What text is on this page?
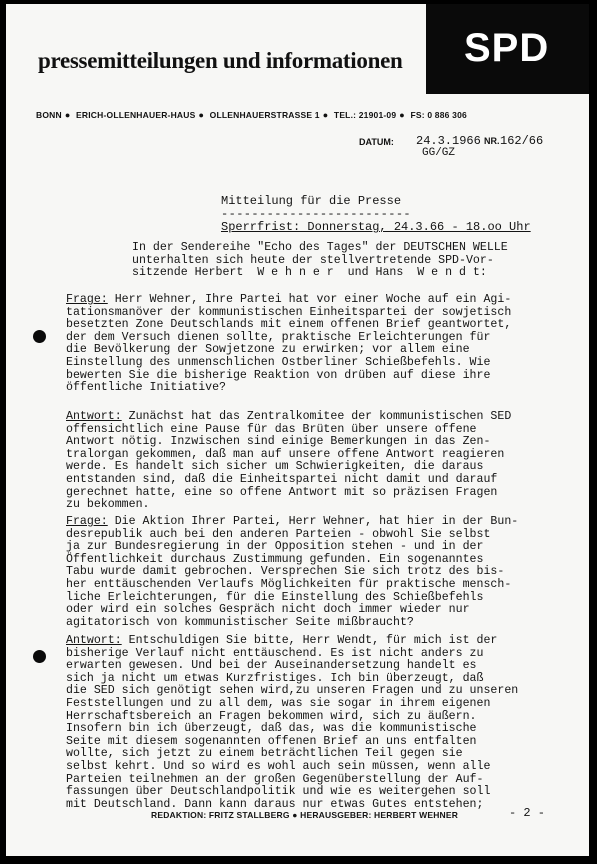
pressemitteilungen und informationen SPD
BONN ● ERICH-OLLENHAUER-HAUS ● OLLENHAUERSTRASSE 1 ● TEL.: 21901-09 ● FS: 0 886 306
DATUM: 24.3.1966 NR. 162/66
GG/GZ
Mitteilung für die Presse
-------------------------
Sperrfrist: Donnerstag, 24.3.66 - 18.oo Uhr
In der Sendereihe "Echo des Tages" der DEUTSCHEN WELLE
unterhalten sich heute der stellvertretende SPD-Vor-
sitzende Herbert  W e h n e r  und Hans  W e n d t:
Frage: Herr Wehner, Ihre Partei hat vor einer Woche auf ein Agi-
tationsmanöver der kommunistischen Einheitspartei der sowjetisch
besetzten Zone Deutschlands mit einem offenen Brief geantwortet,
der dem Versuch dienen sollte, praktische Erleichterungen für
die Bevölkerung der Sowjetzone zu erwirken; vor allem eine
Einstellung des unmenschlichen Ostberliner Schießbefehls. Wie
bewerten Sie die bisherige Reaktion von drüben auf diese ihre
öffentliche Initiative?
Antwort: Zunächst hat das Zentralkomitee der kommunistischen SED
offensichtlich eine Pause für das Brüten über unsere offene
Antwort nötig. Inzwischen sind einige Bemerkungen in das Zen-
tralorgan gekommen, daß man auf unsere offene Antwort reagieren
werde. Es handelt sich sicher um Schwierigkeiten, die daraus
entstanden sind, daß die Einheitspartei nicht damit und darauf
gerechnet hatte, eine so offene Antwort mit so präzisen Fragen
zu bekommen.
Frage: Die Aktion Ihrer Partei, Herr Wehner, hat hier in der Bun-
desrepublik auch bei den anderen Parteien - obwohl Sie selbst
ja zur Bundesregierung in der Opposition stehen - und in der
Öffentlichkeit durchaus Zustimmung gefunden. Ein sogenanntes
Tabu wurde damit gebrochen. Versprechen Sie sich trotz des bis-
her enttäuschenden Verlaufs Möglichkeiten für praktische mensch-
liche Erleichterungen, für die Einstellung des Schießbefehls
oder wird ein solches Gespräch nicht doch immer wieder nur
agitatorisch von kommunistischer Seite mißbraucht?
Antwort: Entschuldigen Sie bitte, Herr Wendt, für mich ist der
bisherige Verlauf nicht enttäuschend. Es ist nicht anders zu
erwarten gewesen. Und bei der Auseinandersetzung handelt es
sich ja nicht um etwas Kurzfristiges. Ich bin überzeugt, daß
die SED sich genötigt sehen wird,zu unseren Fragen und zu unseren
Feststellungen und zu all dem, was sie sogar in ihrem eigenen
Herrschaftsbereich an Fragen bekommen wird, sich zu äußern.
Insofern bin ich überzeugt, daß das, was die kommunistische
Seite mit diesem sogenannten offenen Brief an uns entfalten
wollte, sich jetzt zu einem beträchtlichen Teil gegen sie
selbst kehrt. Und so wird es wohl auch sein müssen, wenn alle
Parteien teilnehmen an der großen Gegenüberstellung der Auf-
fassungen über Deutschlandpolitik und wie es weitergehen soll
mit Deutschland. Dann kann daraus nur etwas Gutes entstehen;
REDAKTION: FRITZ STALLBERG ● HERAUSGEBER: HERBERT WEHNER	- 2 -
